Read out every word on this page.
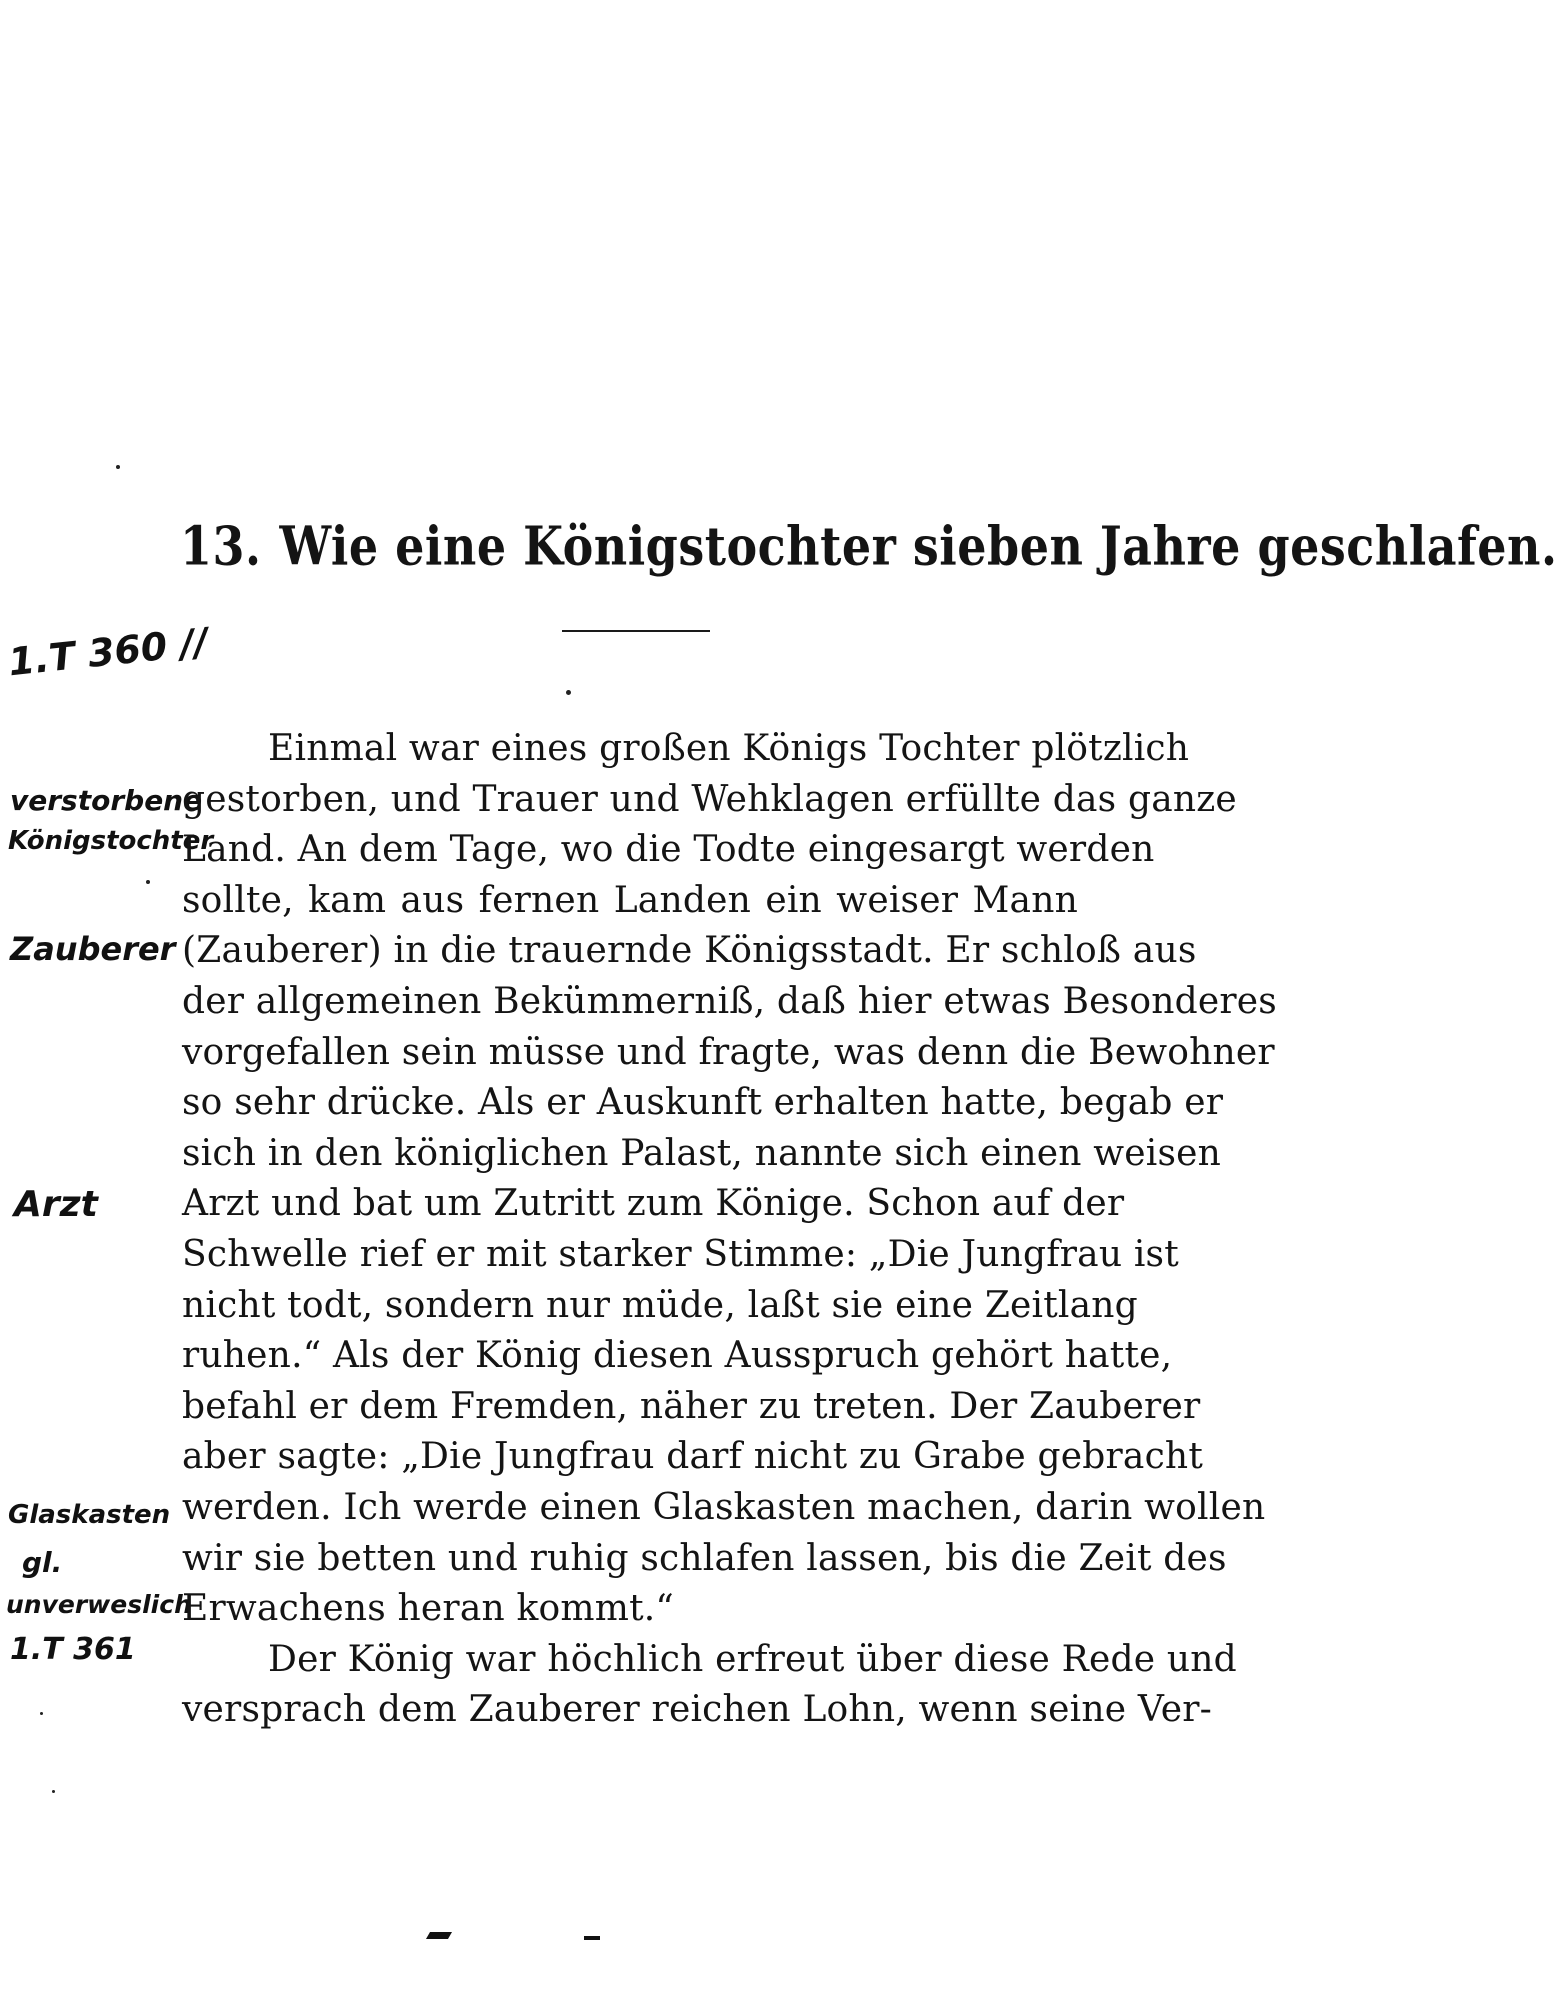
13. Wie eine Königstochter sieben Jahre geschlafen.
1.T 360 //
verstorbene
Königstochter
Zauberer
Arzt
Glaskasten
gl.
unverweslich
1.T 361
Einmal war eines großen Königs Tochter plötzlich
gestorben, und Trauer und Wehklagen erfüllte das ganze
Land. An dem Tage, wo die Todte eingesargt werden
sollte, kam aus fernen Landen ein weiser Mann
(Zauberer) in die trauernde Königsstadt. Er schloß aus
der allgemeinen Bekümmerniß, daß hier etwas Besonderes
vorgefallen sein müsse und fragte, was denn die Bewohner
so sehr drücke. Als er Auskunft erhalten hatte, begab er
sich in den königlichen Palast, nannte sich einen weisen
Arzt und bat um Zutritt zum Könige. Schon auf der
Schwelle rief er mit starker Stimme: „Die Jungfrau ist
nicht todt, sondern nur müde, laßt sie eine Zeitlang
ruhen.“ Als der König diesen Ausspruch gehört hatte,
befahl er dem Fremden, näher zu treten. Der Zauberer
aber sagte: „Die Jungfrau darf nicht zu Grabe gebracht
werden. Ich werde einen Glaskasten machen, darin wollen
wir sie betten und ruhig schlafen lassen, bis die Zeit des
Erwachens heran kommt.“
Der König war höchlich erfreut über diese Rede und
versprach dem Zauberer reichen Lohn, wenn seine Ver-
